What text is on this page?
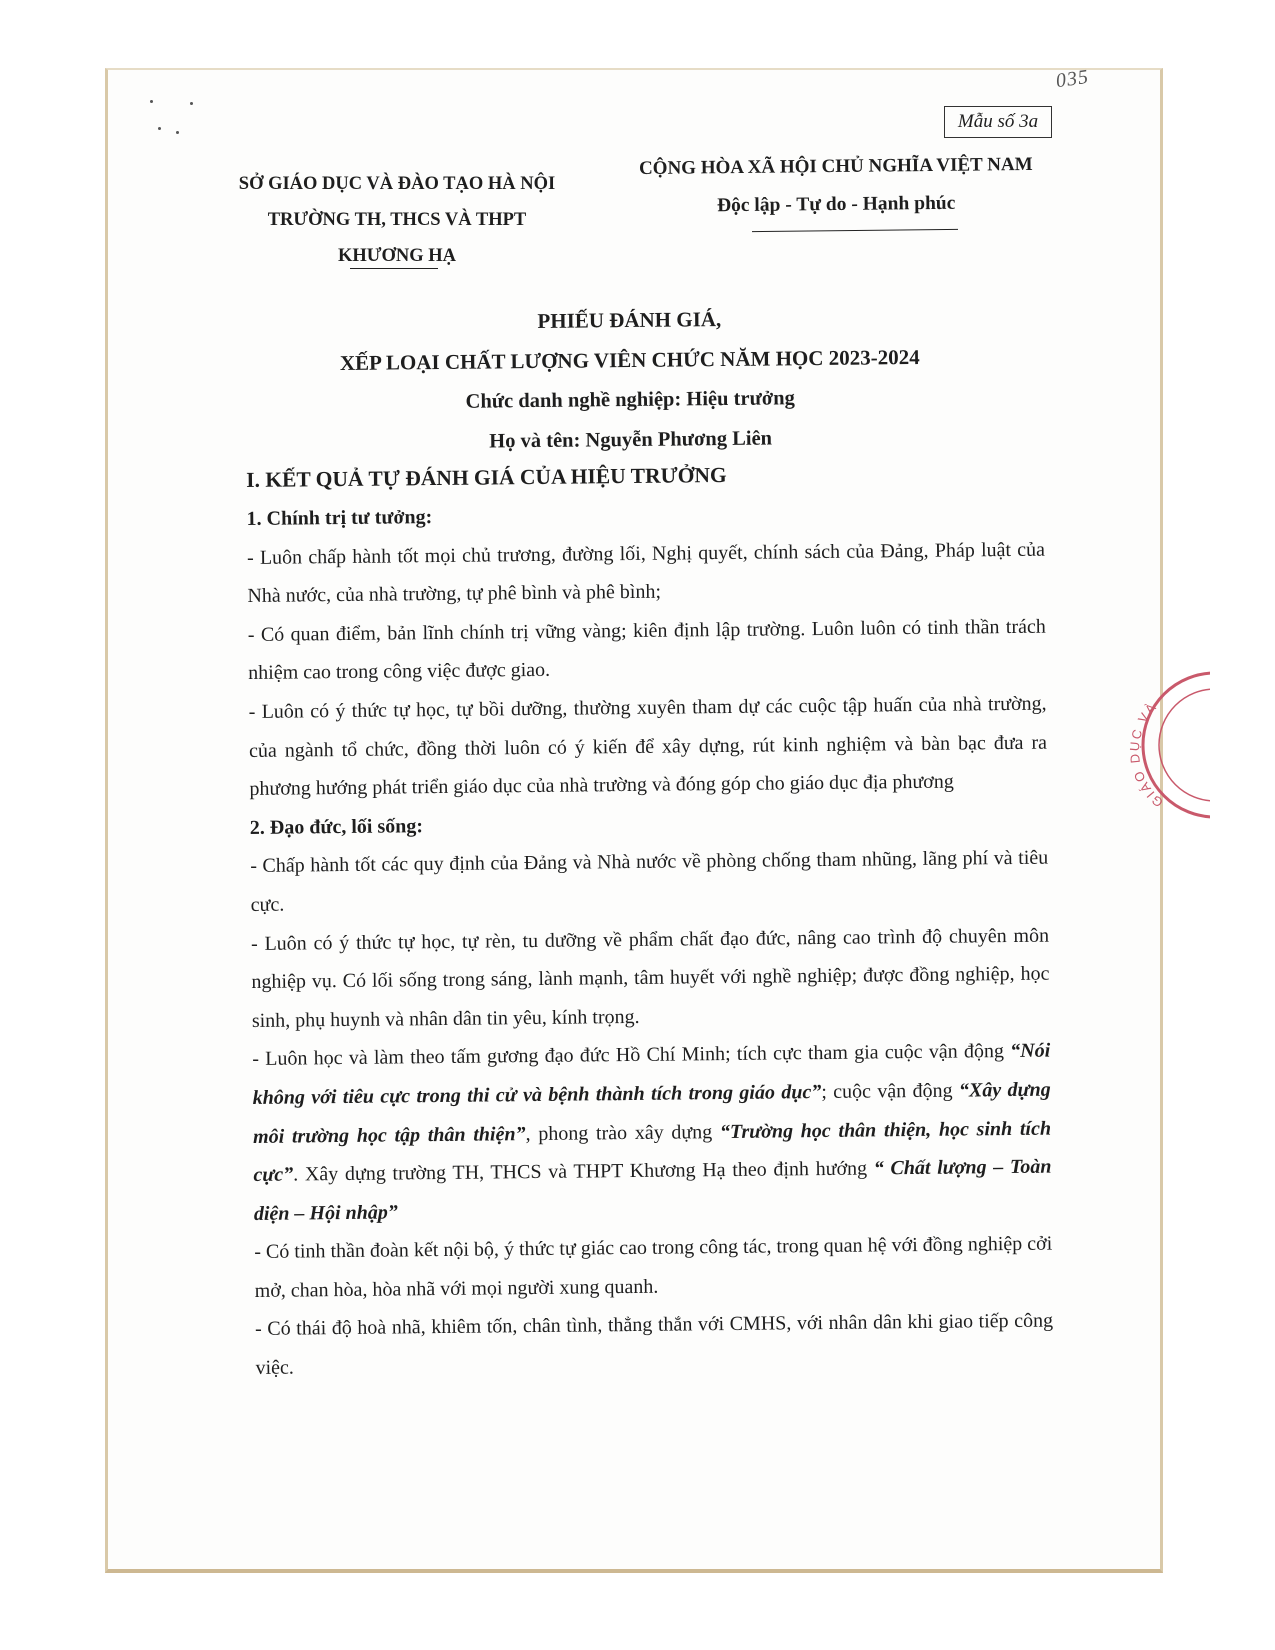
035
Mẫu số 3a
SỞ GIÁO DỤC VÀ ĐÀO TẠO HÀ NỘI
TRƯỜNG TH, THCS VÀ THPT
KHƯƠNG HẠ
CỘNG HÒA XÃ HỘI CHỦ NGHĨA VIỆT NAM
Độc lập - Tự do - Hạnh phúc
PHIẾU ĐÁNH GIÁ,
XẾP LOẠI CHẤT LƯỢNG VIÊN CHỨC NĂM HỌC 2023-2024
Chức danh nghề nghiệp: Hiệu trưởng
Họ và tên: Nguyễn Phương Liên

I. KẾT QUẢ TỰ ĐÁNH GIÁ CỦA HIỆU TRƯỞNG

1. Chính trị tư tưởng:

- Luôn chấp hành tốt mọi chủ trương, đường lối, Nghị quyết, chính sách của Đảng, Pháp luật của Nhà nước, của nhà trường, tự phê bình và phê bình;

- Có quan điểm, bản lĩnh chính trị vững vàng; kiên định lập trường. Luôn luôn có tinh thần trách nhiệm cao trong công việc được giao.

- Luôn có ý thức tự học, tự bồi dưỡng, thường xuyên tham dự các cuộc tập huấn của nhà trường, của ngành tổ chức, đồng thời luôn có ý kiến để xây dựng, rút kinh nghiệm và bàn bạc đưa ra phương hướng phát triển giáo dục của nhà trường và đóng góp cho giáo dục địa phương

2. Đạo đức, lối sống:

- Chấp hành tốt các quy định của Đảng và Nhà nước về phòng chống tham nhũng, lãng phí và tiêu cực.

- Luôn có ý thức tự học, tự rèn, tu dưỡng về phẩm chất đạo đức, nâng cao trình độ chuyên môn nghiệp vụ. Có lối sống trong sáng, lành mạnh, tâm huyết với nghề nghiệp; được đồng nghiệp, học sinh, phụ huynh và nhân dân tin yêu, kính trọng.

- Luôn học và làm theo tấm gương đạo đức Hồ Chí Minh; tích cực tham gia cuộc vận động “Nói không với tiêu cực trong thi cử và bệnh thành tích trong giáo dục”; cuộc vận động “Xây dựng môi trường học tập thân thiện”, phong trào xây dựng “Trường học thân thiện, học sinh tích cực”. Xây dựng trường TH, THCS và THPT Khương Hạ theo định hướng “ Chất lượng – Toàn diện – Hội nhập”

- Có tinh thần đoàn kết nội bộ, ý thức tự giác cao trong công tác, trong quan hệ với đồng nghiệp cởi mở, chan hòa, hòa nhã với mọi người xung quanh.

- Có thái độ hoà nhã, khiêm tốn, chân tình, thẳng thắn với CMHS, với nhân dân khi giao tiếp công việc.

GIÁO DỤC VÀ
